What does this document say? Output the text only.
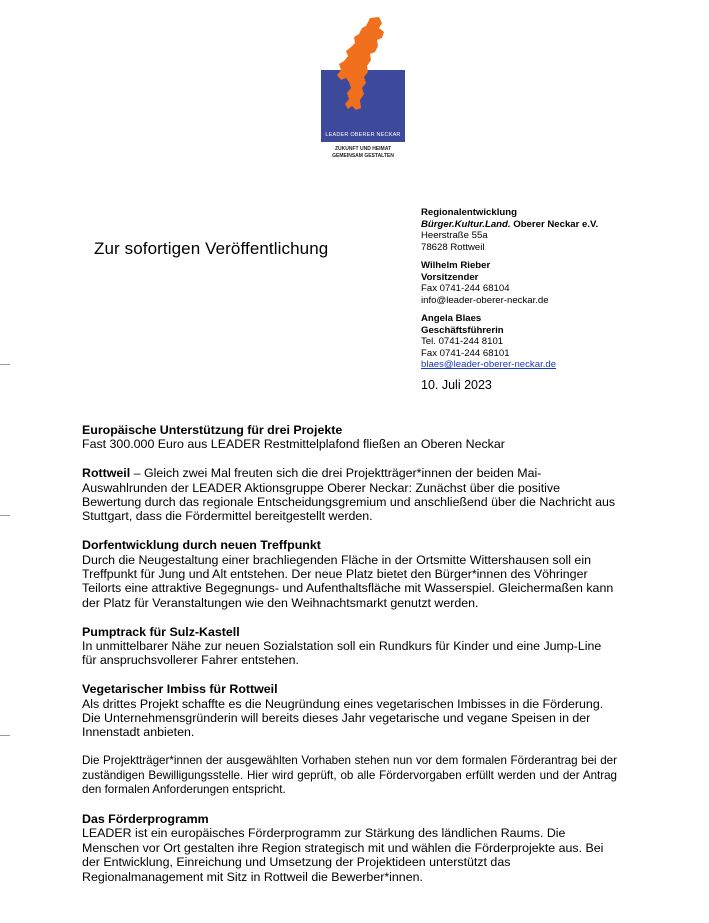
LEADER OBERER NECKAR
ZUKUNFT UND HEIMAT
GEMEINSAM GESTALTEN
Zur sofortigen Veröffentlichung
Regionalentwicklung
Bürger.Kultur.Land. Oberer Neckar e.V.
Heerstraße 55a
78628 Rottweil
Wilhelm Rieber
Vorsitzender
Fax 0741-244 68104
info@leader-oberer-neckar.de
Angela Blaes
Geschäftsführerin
Tel. 0741-244 8101
Fax 0741-244 68101
blaes@leader-oberer-neckar.de
10. Juli 2023
Europäische Unterstützung für drei Projekte

Fast 300.000 Euro aus LEADER Restmittelplafond fließen an Oberen Neckar

Rottweil – Gleich zwei Mal freuten sich die drei Projektträger*innen der beiden Mai-Auswahlrunden der LEADER Aktionsgruppe Oberer Neckar: Zunächst über die positive Bewertung durch das regionale Entscheidungsgremium und anschließend über die Nachricht aus Stuttgart, dass die Fördermittel bereitgestellt werden.

Dorfentwicklung durch neuen Treffpunkt

Durch die Neugestaltung einer brachliegenden Fläche in der Ortsmitte Wittershausen soll ein Treffpunkt für Jung und Alt entstehen. Der neue Platz bietet den Bürger*innen des Vöhringer Teilorts eine attraktive Begegnungs- und Aufenthaltsfläche mit Wasserspiel. Gleichermaßen kann der Platz für Veranstaltungen wie den Weihnachtsmarkt genutzt werden.

Pumptrack für Sulz-Kastell

In unmittelbarer Nähe zur neuen Sozialstation soll ein Rundkurs für Kinder und eine Jump-Line für anspruchsvollerer Fahrer entstehen.

Vegetarischer Imbiss für Rottweil

Als drittes Projekt schaffte es die Neugründung eines vegetarischen Imbisses in die Förderung. Die Unternehmensgründerin will bereits dieses Jahr vegetarische und vegane Speisen in der Innenstadt anbieten.

Die Projektträger*innen der ausgewählten Vorhaben stehen nun vor dem formalen Förderantrag bei der zuständigen Bewilligungsstelle. Hier wird geprüft, ob alle Fördervorgaben erfüllt werden und der Antrag den formalen Anforderungen entspricht.

Das Förderprogramm

LEADER ist ein europäisches Förderprogramm zur Stärkung des ländlichen Raums. Die Menschen vor Ort gestalten ihre Region strategisch mit und wählen die Förderprojekte aus. Bei der Entwicklung, Einreichung und Umsetzung der Projektideen unterstützt das Regionalmanagement mit Sitz in Rottweil die Bewerber*innen.
